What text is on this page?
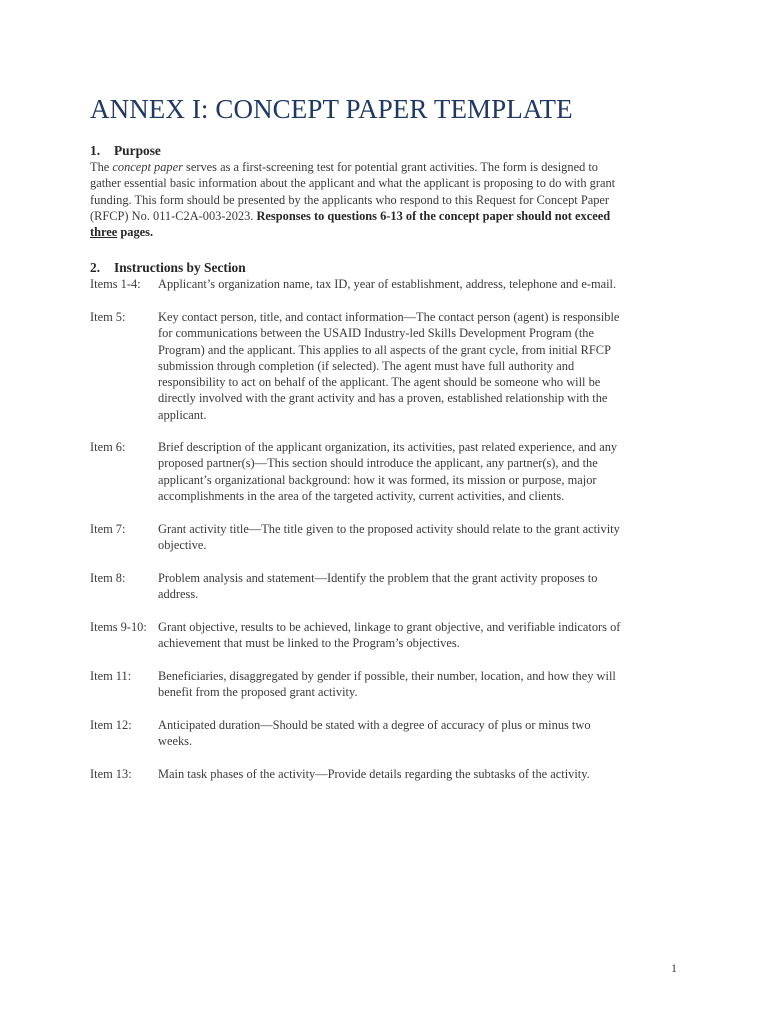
ANNEX I: CONCEPT PAPER TEMPLATE
1. Purpose
The concept paper serves as a first-screening test for potential grant activities. The form is designed to
gather essential basic information about the applicant and what the applicant is proposing to do with grant
funding. This form should be presented by the applicants who respond to this Request for Concept Paper
(RFCP) No. 011-C2A-003-2023. Responses to questions 6-13 of the concept paper should not exceed
three pages.
2. Instructions by Section
Items 1-4: Applicant’s organization name, tax ID, year of establishment, address, telephone and e-mail.
Item 5:	Key contact person, title, and contact information—The contact person (agent) is responsible
for communications between the USAID Industry-led Skills Development Program (the
Program) and the applicant. This applies to all aspects of the grant cycle, from initial RFCP
submission through completion (if selected). The agent must have full authority and
responsibility to act on behalf of the applicant. The agent should be someone who will be
directly involved with the grant activity and has a proven, established relationship with the
applicant.
Item 6:	Brief description of the applicant organization, its activities, past related experience, and any
proposed partner(s)—This section should introduce the applicant, any partner(s), and the
applicant’s organizational background: how it was formed, its mission or purpose, major
accomplishments in the area of the targeted activity, current activities, and clients.
Item 7:	Grant activity title—The title given to the proposed activity should relate to the grant activity
objective.
Item 8:	Problem analysis and statement—Identify the problem that the grant activity proposes to
address.
Items 9-10: Grant objective, results to be achieved, linkage to grant objective, and verifiable indicators of
achievement that must be linked to the Program’s objectives.
Item 11: Beneficiaries, disaggregated by gender if possible, their number, location, and how they will
benefit from the proposed grant activity.
Item 12: Anticipated duration—Should be stated with a degree of accuracy of plus or minus two
weeks.
Item 13: Main task phases of the activity—Provide details regarding the subtasks of the activity.
1
